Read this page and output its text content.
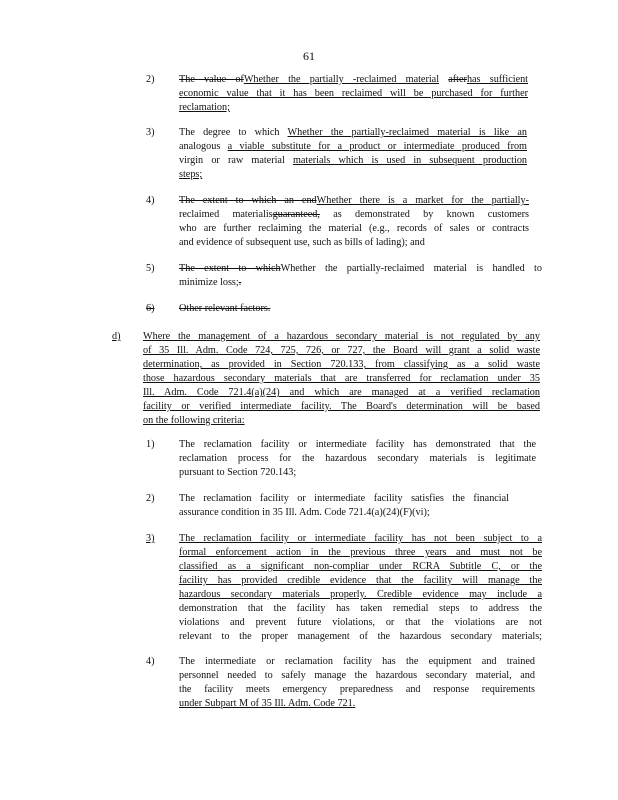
61
2)	The value ofWhether the partially -reclaimed material afterhas sufficient
economic value that it has been reclaimed will be purchased for further
reclamation;
3)	The degree to which Whether the partially-reclaimed material is like an
analogous a viable substitute for a product or intermediate produced from
virgin or raw material materials which is used in subsequent production
steps;
4)	The extent to which an endWhether there is a market for the partially-
reclaimed materialisguaranteed, as demonstrated by known customers
who are further reclaiming the material (e.g., records of sales or contracts
and evidence of subsequent use, such as bills of lading); and
5)	The extent to whichWhether the partially-reclaimed material is handled to
minimize loss;.
6)	Other relevant factors.
d)	Where the management of a hazardous secondary material is not regulated by any
of 35 Ill. Adm. Code 724, 725, 726, or 727, the Board will grant a solid waste
determination, as provided in Section 720.133, from classifying as a solid waste
those hazardous secondary materials that are transferred for reclamation under 35
Ill. Adm. Code 721.4(a)(24) and which are managed at a verified reclamation
facility or verified intermediate facility. The Board's determination will be based
on the following criteria:
1)	The reclamation facility or intermediate facility has demonstrated that the
reclamation process for the hazardous secondary materials is legitimate
pursuant to Section 720.143;
2)	The reclamation facility or intermediate facility satisfies the financial
assurance condition in 35 Ill. Adm. Code 721.4(a)(24)(F)(vi);
3)	The reclamation facility or intermediate facility has not been subject to a
formal enforcement action in the previous three years and must not be
classified as a significant non-compliar under RCRA Subtitle C, or the
facility has provided credible evidence that the facility will manage the
hazardous secondary materials properly. Credible evidence may include a
demonstration that the facility has taken remedial steps to address the
violations and prevent future violations, or that the violations are not
relevant to the proper management of the hazardous secondary materials;
4)	The intermediate or reclamation facility has the equipment and trained
personnel needed to safely manage the hazardous secondary material, and
the facility meets emergency preparedness and response requirements
under Subpart M of 35 Ill. Adm. Code 721.
